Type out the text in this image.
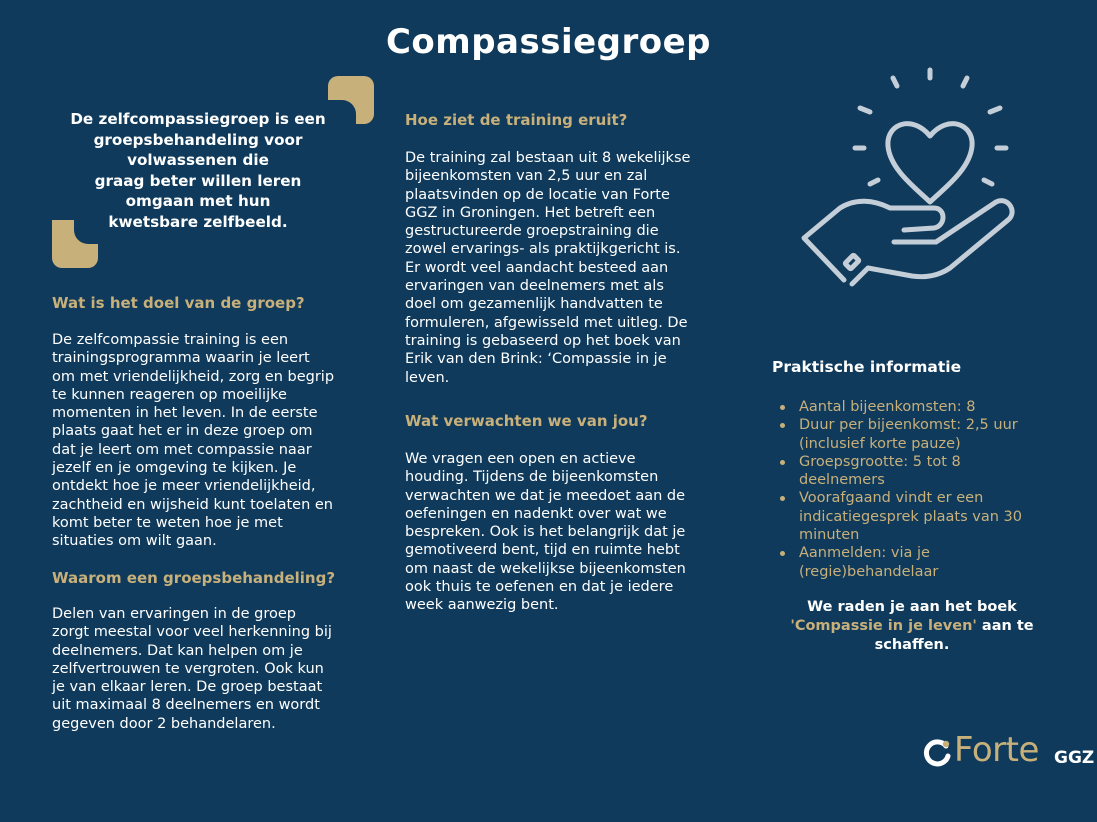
Compassiegroep
De zelfcompassiegroep is een
groepsbehandeling voor
volwassenen die
graag beter willen leren
omgaan met hun
kwetsbare zelfbeeld.
Wat is het doel van de groep?
De zelfcompassie training is een
trainingsprogramma waarin je leert
om met vriendelijkheid, zorg en begrip
te kunnen reageren op moeilijke
momenten in het leven. In de eerste
plaats gaat het er in deze groep om
dat je leert om met compassie naar
jezelf en je omgeving te kijken. Je
ontdekt hoe je meer vriendelijkheid,
zachtheid en wijsheid kunt toelaten en
komt beter te weten hoe je met
situaties om wilt gaan.
Waarom een groepsbehandeling?
Delen van ervaringen in de groep
zorgt meestal voor veel herkenning bij
deelnemers. Dat kan helpen om je
zelfvertrouwen te vergroten. Ook kun
je van elkaar leren. De groep bestaat
uit maximaal 8 deelnemers en wordt
gegeven door 2 behandelaren.
Hoe ziet de training eruit?
De training zal bestaan uit 8 wekelijkse
bijeenkomsten van 2,5 uur en zal
plaatsvinden op de locatie van Forte
GGZ in Groningen. Het betreft een
gestructureerde groepstraining die
zowel ervarings- als praktijkgericht is.
Er wordt veel aandacht besteed aan
ervaringen van deelnemers met als
doel om gezamenlijk handvatten te
formuleren, afgewisseld met uitleg. De
training is gebaseerd op het boek van
Erik van den Brink: ‘Compassie in je
leven.
Wat verwachten we van jou?
We vragen een open en actieve
houding. Tijdens de bijeenkomsten
verwachten we dat je meedoet aan de
oefeningen en nadenkt over wat we
bespreken. Ook is het belangrijk dat je
gemotiveerd bent, tijd en ruimte hebt
om naast de wekelijkse bijeenkomsten
ook thuis te oefenen en dat je iedere
week aanwezig bent.
Praktische informatie
Aantal bijeenkomsten: 8
Duur per bijeenkomst: 2,5 uur (inclusief korte pauze)
Groepsgrootte: 5 tot 8 deelnemers
Voorafgaand vindt er een indicatiegesprek plaats van 30 minuten
Aanmelden: via je (regie)behandelaar
We raden je aan het boek
'Compassie in je leven' aan te
schaffen.
Forte GGZ
